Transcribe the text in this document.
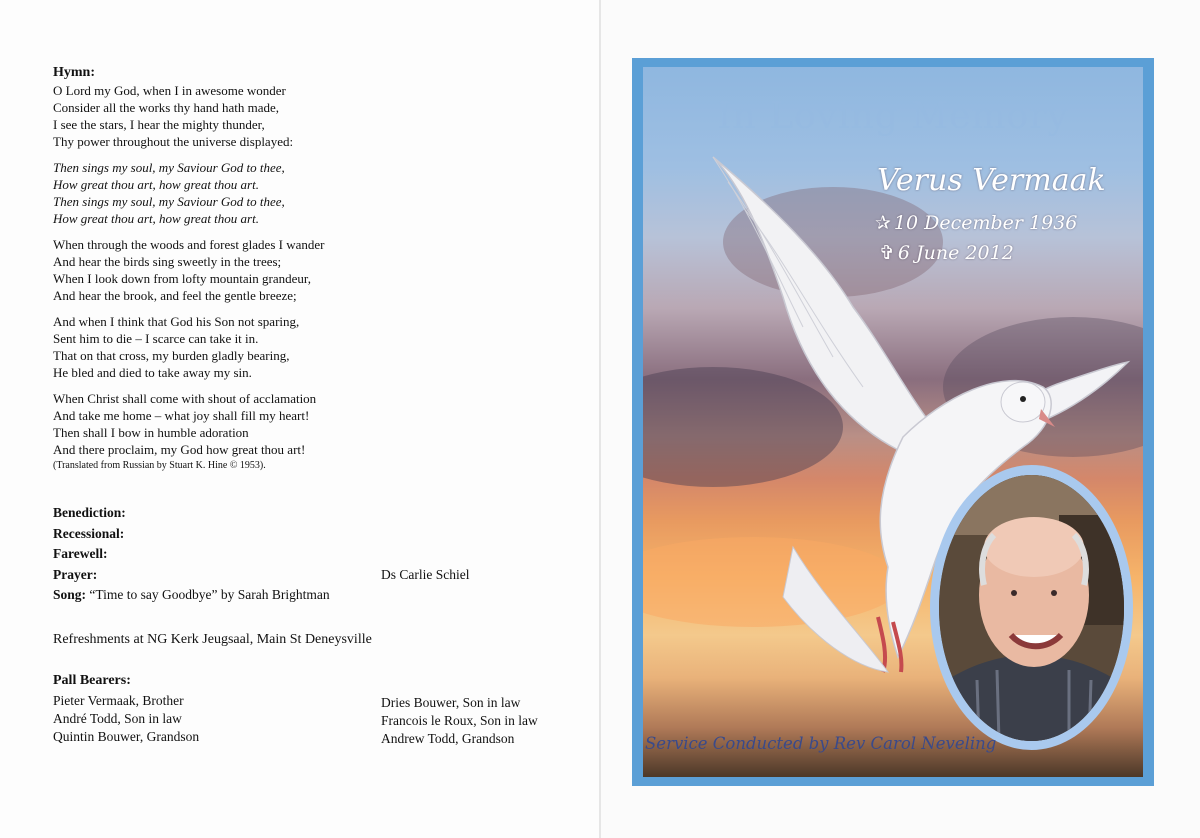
Hymn:
O Lord my God, when I in awesome wonder
Consider all the works thy hand hath made,
I see the stars, I hear the mighty thunder,
Thy power throughout the universe displayed:
Then sings my soul, my Saviour God to thee,
How great thou art, how great thou art.
Then sings my soul, my Saviour God to thee,
How great thou art, how great thou art.
When through the woods and forest glades I wander
And hear the birds sing sweetly in the trees;
When I look down from lofty mountain grandeur,
And hear the brook, and feel the gentle breeze;
And when I think that God his Son not sparing,
Sent him to die – I scarce can take it in.
That on that cross, my burden gladly bearing,
He bled and died to take away my sin.
When Christ shall come with shout of acclamation
And take me home – what joy shall fill my heart!
Then shall I bow in humble adoration
And there proclaim, my God how great thou art!
(Translated from Russian by Stuart K. Hine © 1953).
Benediction:
Recessional:
Farewell:
Prayer:	Ds Carlie Schiel
Song: “Time to say Goodbye” by Sarah Brightman
Refreshments at NG Kerk Jeugsaal, Main St Deneysville
Pall Bearers:
Pieter Vermaak, Brother
André Todd, Son in law
Quintin Bouwer, Grandson
Dries Bouwer, Son in law
Francois le Roux, Son in law
Andrew Todd, Grandson
In Loving Memory
Verus Vermaak
✰ 10 December 1936
✞ 6 June 2012
Service Conducted by Rev Carol Neveling
